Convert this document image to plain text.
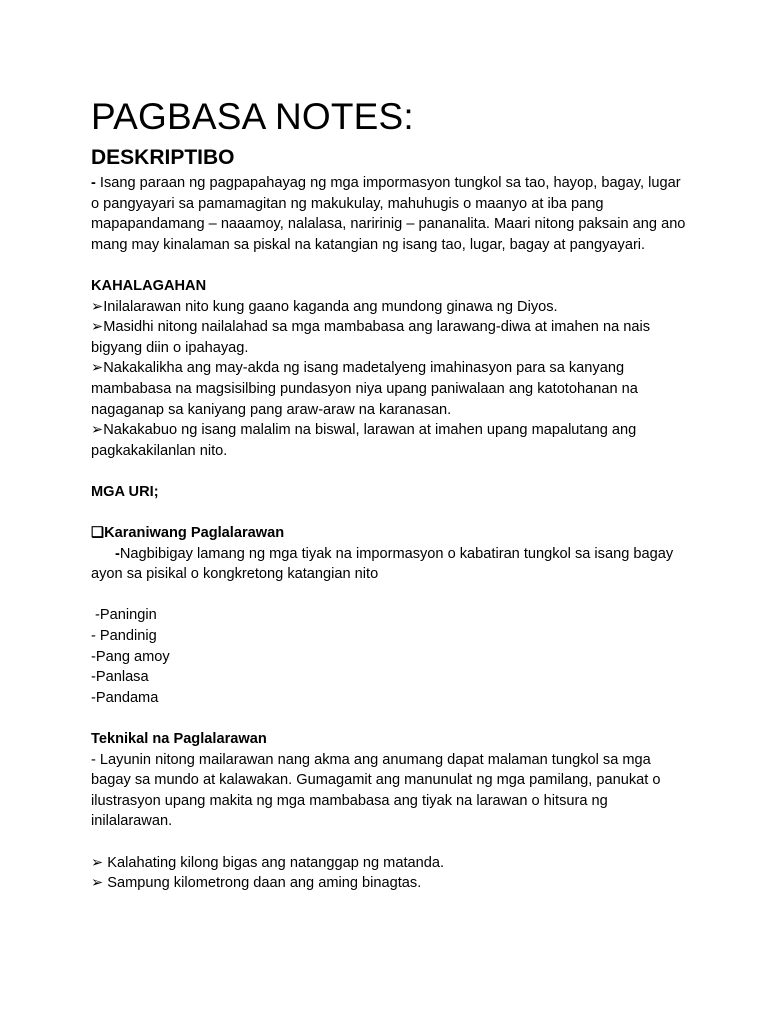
PAGBASA NOTES:
DESKRIPTIBO

- Isang paraan ng pagpapahayag ng mga impormasyon tungkol sa tao, hayop, bagay, lugar o pangyayari sa pamamagitan ng makukulay, mahuhugis o maanyo at iba pang mapapandamang – naaamoy, nalalasa, naririnig – pananalita. Maari nitong paksain ang ano mang may kinalaman sa piskal na katangian ng isang tao, lugar, bagay at pangyayari.

KAHALAGAHAN

➢Inilalarawan nito kung gaano kaganda ang mundong ginawa ng Diyos.

➢Masidhi nitong nailalahad sa mga mambabasa ang larawang-diwa at imahen na nais bigyang diin o ipahayag.

➢Nakakalikha ang may-akda ng isang madetalyeng imahinasyon para sa kanyang mambabasa na magsisilbing pundasyon niya upang paniwalaan ang katotohanan na nagaganap sa kaniyang pang araw-araw na karanasan.

➢Nakakabuo ng isang malalim na biswal, larawan at imahen upang mapalutang ang pagkakakilanlan nito.

MGA URI;

❑Karaniwang Paglalarawan

-Nagbibigay lamang ng mga tiyak na impormasyon o kabatiran tungkol sa isang bagay ayon sa pisikal o kongkretong katangian nito

-Paningin

- Pandinig

-Pang amoy

-Panlasa

-Pandama

Teknikal na Paglalarawan

- Layunin nitong mailarawan nang akma ang anumang dapat malaman tungkol sa mga bagay sa mundo at kalawakan. Gumagamit ang manunulat ng mga pamilang, panukat o ilustrasyon upang makita ng mga mambabasa ang tiyak na larawan o hitsura ng inilalarawan.

➢ Kalahating kilong bigas ang natanggap ng matanda.

➢ Sampung kilometrong daan ang aming binagtas.
